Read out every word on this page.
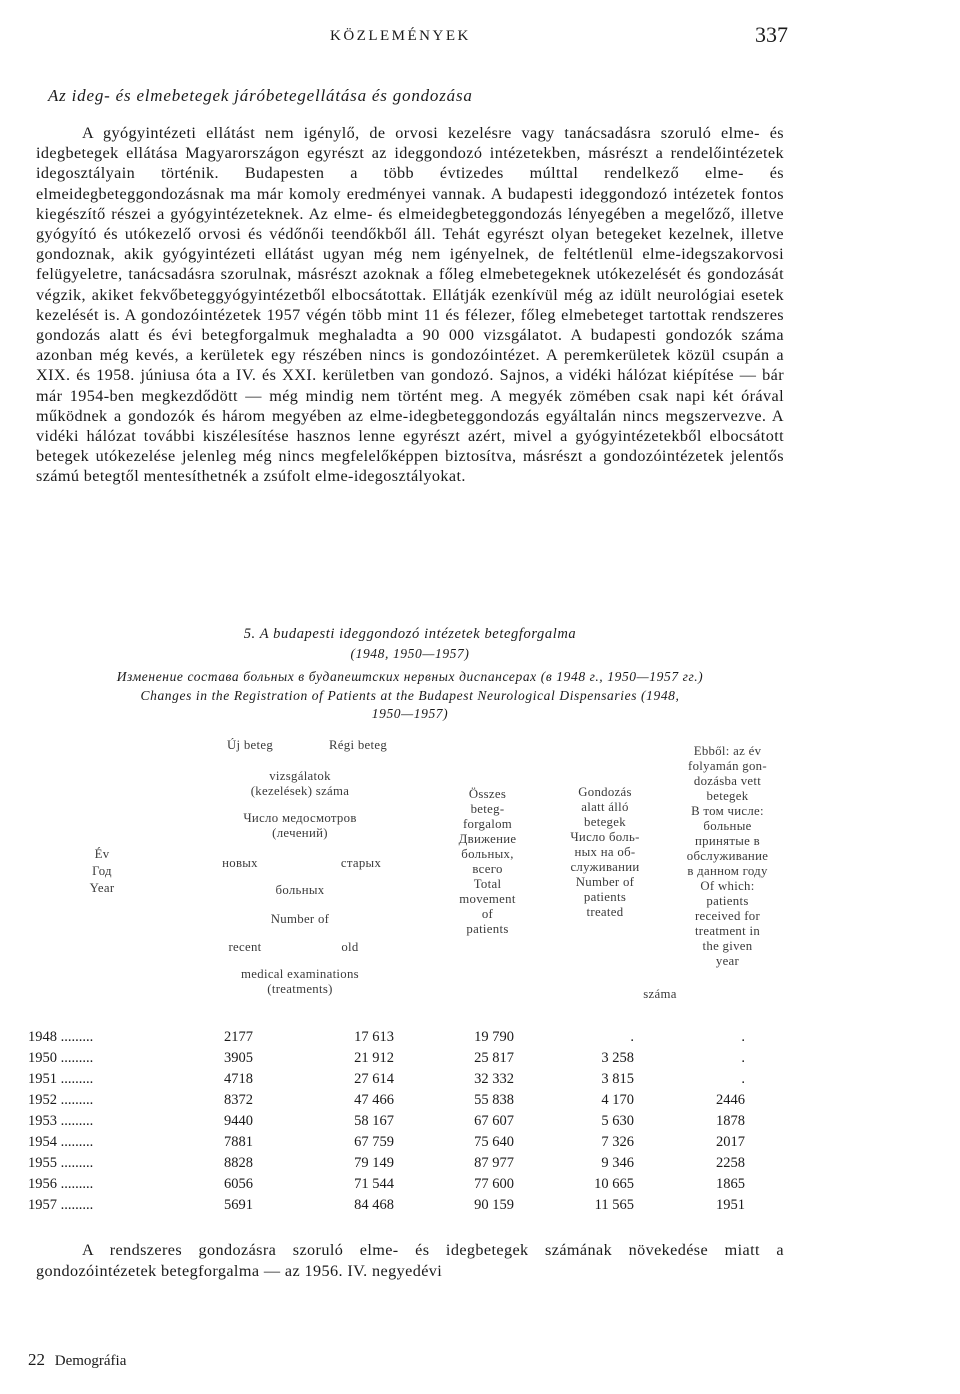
KÖZLEMÉNYEK	337
Az ideg- és elmebetegek járóbetegellátása és gondozása

A gyógyintézeti ellátást nem igénylő, de orvosi kezelésre vagy tanácsadásra szoruló elme- és idegbetegek ellátása Magyarországon egyrészt az ideggondozó intézetekben, másrészt a rendelőintézetek idegosztályain történik. Budapesten a több évtizedes múlttal rendelkező elme- és elmeidegbeteggondozásnak ma már komoly eredményei vannak. A budapesti ideggondozó intézetek fontos kiegészítő részei a gyógyintézeteknek. Az elme- és elmeidegbeteggondozás lényegében a megelőző, illetve gyógyító és utókezelő orvosi és védőnői teendőkből áll. Tehát egyrészt olyan betegeket kezelnek, illetve gondoznak, akik gyógyintézeti ellátást ugyan még nem igényelnek, de feltétlenül elme-idegszakorvosi felügyeletre, tanácsadásra szorulnak, másrészt azoknak a főleg elmebetegeknek utókezelését és gondozását végzik, akiket fekvőbeteggyógyintézetből elbocsátottak. Ellátják ezenkívül még az idült neurológiai esetek kezelését is. A gondozóintézetek 1957 végén több mint 11 és félezer, főleg elmebeteget tartottak rendszeres gondozás alatt és évi betegforgalmuk meghaladta a 90 000 vizsgálatot. A budapesti gondozók száma azonban még kevés, a kerületek egy részében nincs is gondozóintézet. A peremkerületek közül csupán a XIX. és 1958. júniusa óta a IV. és XXI. kerületben van gondozó. Sajnos, a vidéki hálózat kiépítése — bár már 1954-ben megkezdődött — még mindig nem történt meg. A megyék zömében csak napi két órával működnek a gondozók és három megyében az elme-idegbeteggondozás egyáltalán nincs megszervezve. A vidéki hálózat további kiszélesítése hasznos lenne egyrészt azért, mivel a gyógyintézetekből elbocsátott betegek utókezelése jelenleg még nincs megfelelőképpen biztosítva, másrészt a gondozóintézetek jelentős számú betegtől mentesíthetnék a zsúfolt elme-idegosztályokat.

5. A budapesti ideggondozó intézetek betegforgalma
(1948, 1950—1957)
Изменение состава больных в будапештских нервных диспансерах (в 1948 г., 1950—1957 гг.)
Changes in the Registration of Patients at the Budapest Neurological Dispensaries (1948,
1950—1957)
Év
Год
Year
Új beteg	Régi beteg
vizsgálatok
(kezelések) száma
Число медосмотров
(лечений)
новых	старых
больных
Number of
recent	old
medical examinations
(treatments)
Összes
beteg-
forgalom
Движение
больных,
всего
Total
movement
of
patients
Gondozás
alatt álló
betegek
Число боль-
ных на об-
служивании
Number of
patients
treated
Ebből: az év
folyamán gon-
dozásba vett
betegek
В том числе:
больные
принятые в
обслуживание
в данном году
Of which:
patients
received for
treatment in
the given
year
száma
1948 .........	2177	17 613	19 790	.	.
1950 .........	3905	21 912	25 817	3 258	.
1951 .........	4718	27 614	32 332	3 815	.
1952 .........	8372	47 466	55 838	4 170	2446
1953 .........	9440	58 167	67 607	5 630	1878
1954 .........	7881	67 759	75 640	7 326	2017
1955 .........	8828	79 149	87 977	9 346	2258
1956 .........	6056	71 544	77 600	10 665	1865
1957 .........	5691	84 468	90 159	11 565	1951

A rendszeres gondozásra szoruló elme- és idegbetegek számának növekedése miatt a gondozóintézetek betegforgalma — az 1956. IV. negyedévi

22 Demográfia
